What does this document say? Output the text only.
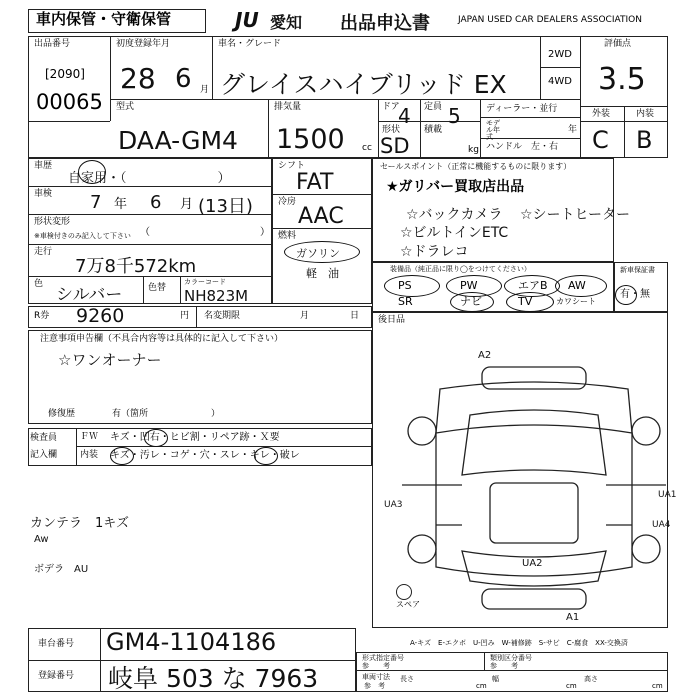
車内保管・守衛保管	JU 愛知 出品申込書	JAPAN USED CAR DEALERS ASSOCIATION
出品番号
[2090]
00065
初度登録年月
28 6 月
車名・グレード
グレイスハイブリッド EX
2WD
4WD
評価点
3.5
外装	内装
C B
型式
DAA-GM4
排気量
1500 cc
ドア
4 定員 5
形状
SD
積載
kg
ディーラー・並行
モデル年式
年
ハンドル　左・右
車歴
自家用・（　　　　　　　）
車検 7 年 6 月 (13日)
形状変形
※車検付きのみ記入して下さい （　　　　　　　　　　　）
走行
7万8千572km
色
シルバー	色替
カラーコード
NH823M
シフト
FAT
冷房
AAC
燃料
ガソリン
軽　油
セールスポイント（正常に機能するものに限ります）
★ガリバー買取店出品
☆バックカメラ ☆シートヒーター
☆ビルトインETC
☆ドラレコ
装備品（純正品に限り◯をつけてください）
PS	PW	エアB AW
SR	ナビ	TV	カワシート
新車保証書
有・無
R券 9260	円 名変期限	月	日 後日品
注意事項申告欄（不具合内容等は具体的に記入して下さい）
☆ワンオーナー
修復歴	有（箇所　　　　　　　）
検査員
記入欄
ＦＷ キズ・凹右・ヒビ割・リペア跡・Ｘ要
内装 キズ・汚レ・コゲ・穴・スレ・キレ・破レ
カンテラ　1キズ
Aw
ボデラ　AU
A2
UA3
UA1
UA4
UA2
A1
スペア
A-キズ　E-エクボ　U-凹み　W-補修跡　S-サビ　C-腐食　XX-交換済
車台番号 GM4-1104186
登録番号 岐阜 503 な 7963
形式指定番号
参　　考
類別区分番号
参　　考
車両寸法
参　考
長さ
cm
幅
cm
高さ
cm
